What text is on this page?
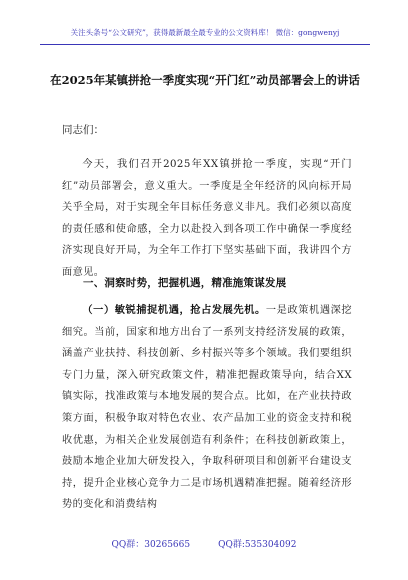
关注头条号“公文研究”，获得最新最全最专业的公文资料库！ 微信：gongwenyj
在2025年某镇拼抢一季度实现“开门红”动员部署会上的讲话
同志们：
今天，我们召开2025年XX镇拼抢一季度，实现“开门红”动员部署会，意义重大。一季度是全年经济的风向标开局关乎全局，对于实现全年目标任务意义非凡。我们必须以高度的责任感和使命感，全力以赴投入到各项工作中确保一季度经济实现良好开局，为全年工作打下坚实基础下面，我讲四个方面意见。
一、洞察时势，把握机遇，精准施策谋发展
（一）敏锐捕捉机遇，抢占发展先机。一是政策机遇深挖细究。当前，国家和地方出台了一系列支持经济发展的政策，涵盖产业扶持、科技创新、乡村振兴等多个领域。我们要组织专门力量，深入研究政策文件，精准把握政策导向，结合XX镇实际，找准政策与本地发展的契合点。比如，在产业扶持政策方面，积极争取对特色农业、农产品加工业的资金支持和税收优惠，为相关企业发展创造有利条件；在科技创新政策上，鼓励本地企业加大研发投入，争取科研项目和创新平台建设支持，提升企业核心竞争力二是市场机遇精准把握。随着经济形势的变化和消费结构
QQ群：30265665	QQ群:535304092
